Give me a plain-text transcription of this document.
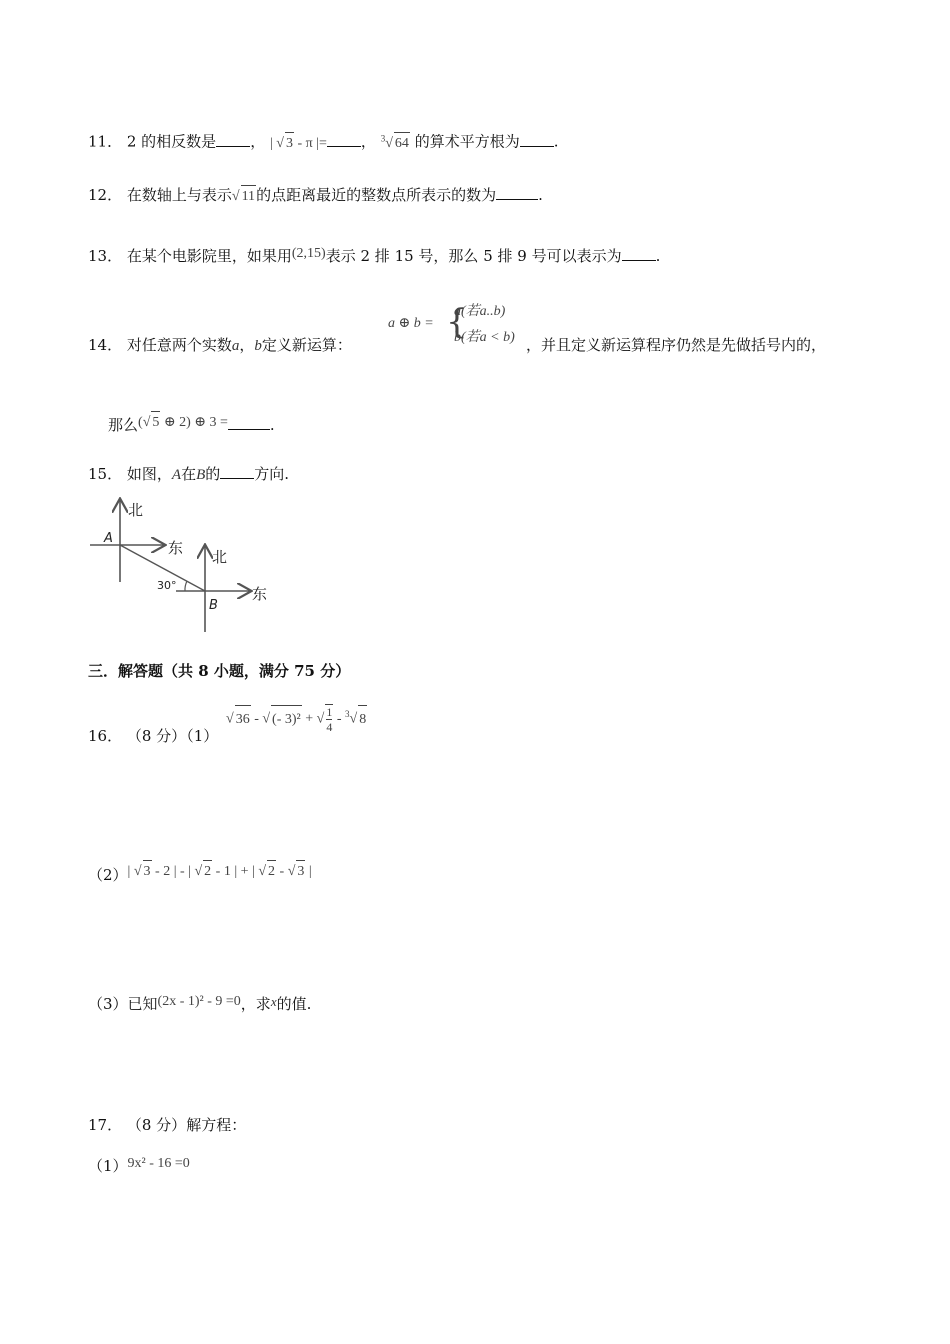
11． 2 的相反数是 ， | √ 3 - π |= ， $^3$√ 64 的算术平方根为 .
12． 在数轴上与表示√ 11的点距离最近的整数点所表示的数为	.
13． 在某个电影院里，如果用(2,15)表示 2 排 15 号，那么 5 排 9 号可以表示为 .
14． 对任意两个实数a，b定义新运算：
a ⊕ b = {
a(若a..b)
b(若a < b) ，并且定义新运算程序仍然是先做括号内的，
那么(√ 5 ⊕ 2) ⊕ 3 =	.
15． 如图，A在B的 方向.
北
东
A
北
东
B
30°
三．解答题（共 8 小题，满分 75 分）
16． （8 分）（1）
√ 36 - √ (- 3)² + √ $\frac{1}{4} - ^3√$ 8
（2）| √ 3 - 2 | - | √ 2 - 1 | + | √ 2 - √ 3 |
（3）已知(2x - 1)² - 9 =0，求x的值.
17． （8 分）解方程：
（1）9x² - 16 =0
